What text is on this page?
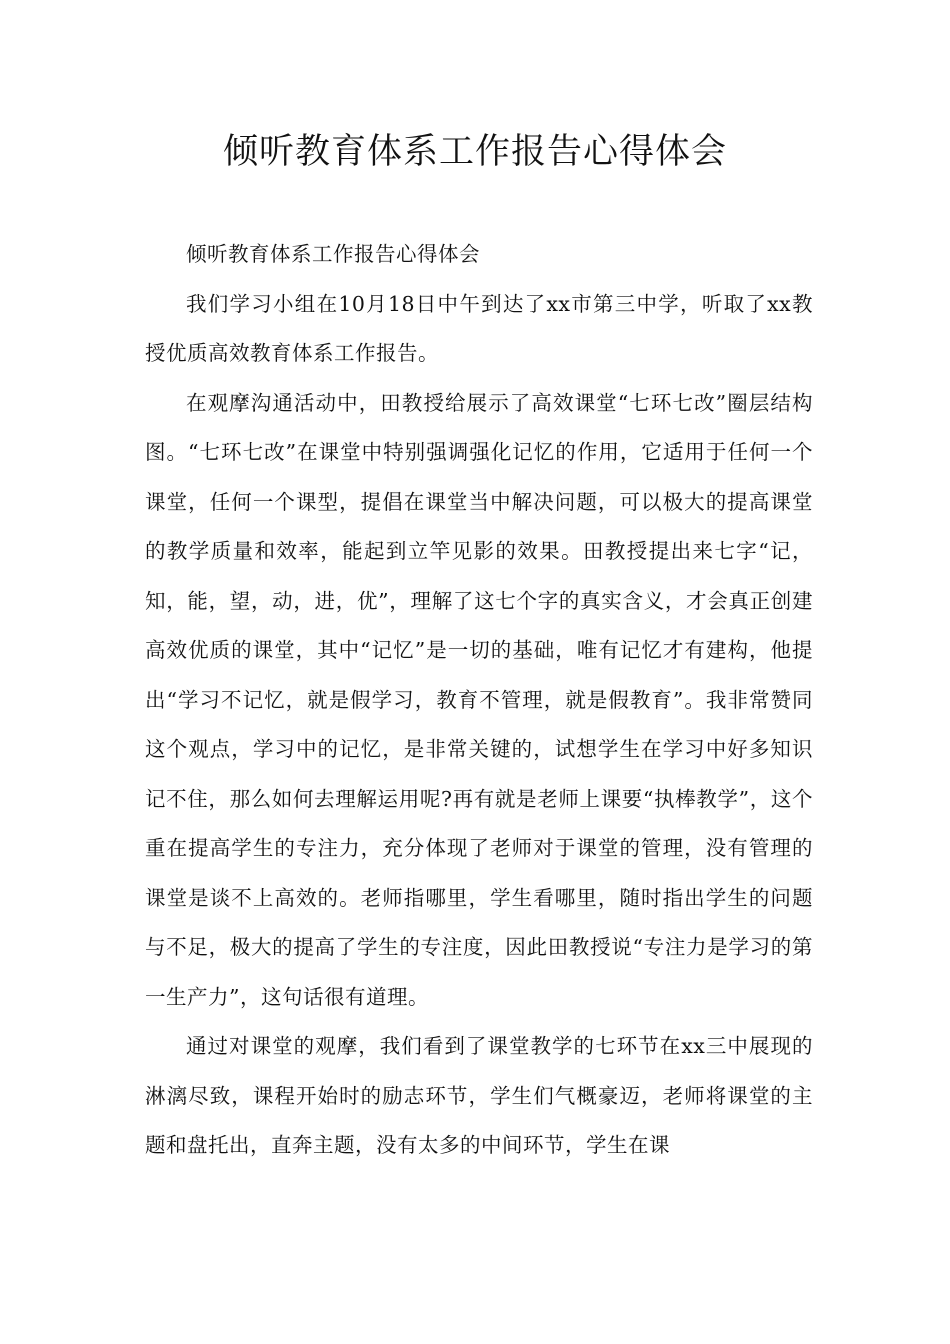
倾听教育体系工作报告心得体会

倾听教育体系工作报告心得体会

我们学习小组在10月18日中午到达了xx市第三中学，听取了xx教授优质高效教育体系工作报告。

在观摩沟通活动中，田教授给展示了高效课堂“七环七改”圈层结构图。“七环七改”在课堂中特别强调强化记忆的作用，它适用于任何一个课堂，任何一个课型，提倡在课堂当中解决问题，可以极大的提高课堂的教学质量和效率，能起到立竿见影的效果。田教授提出来七字“记，知，能，望，动，进，优”，理解了这七个字的真实含义，才会真正创建高效优质的课堂，其中“记忆”是一切的基础，唯有记忆才有建构，他提出“学习不记忆，就是假学习，教育不管理，就是假教育”。我非常赞同这个观点，学习中的记忆，是非常关键的，试想学生在学习中好多知识记不住，那么如何去理解运用呢?再有就是老师上课要“执棒教学”，这个重在提高学生的专注力，充分体现了老师对于课堂的管理，没有管理的课堂是谈不上高效的。老师指哪里，学生看哪里，随时指出学生的问题与不足，极大的提高了学生的专注度，因此田教授说“专注力是学习的第一生产力”，这句话很有道理。

通过对课堂的观摩，我们看到了课堂教学的七环节在xx三中展现的淋漓尽致，课程开始时的励志环节，学生们气概豪迈，老师将课堂的主题和盘托出，直奔主题，没有太多的中间环节，学生在课
